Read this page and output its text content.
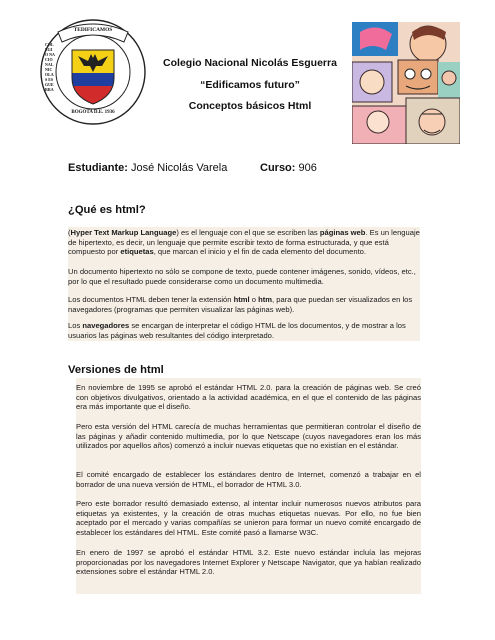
TEDIFICAMOS
COLEGIO NACIONAL NICOLAS ESGUERRA
BOGOTA D.E. 1936
Colegio Nacional Nicolás Esguerra
“Edificamos futuro”
Conceptos básicos Html
Estudiante: José Nicolás Varela	Curso: 906
¿Qué es html?
(Hyper Text Markup Language) es el lenguaje con el que se escriben las páginas web. Es un lenguaje de hipertexto, es decir, un lenguaje que permite escribir texto de forma estructurada, y que está compuesto por etiquetas, que marcan el inicio y el fin de cada elemento del documento.
Un documento hipertexto no sólo se compone de texto, puede contener imágenes, sonido, vídeos, etc., por lo que el resultado puede considerarse como un documento multimedia.
Los documentos HTML deben tener la extensión html o htm, para que puedan ser visualizados en los navegadores (programas que permiten visualizar las páginas web).
Los navegadores se encargan de interpretar el código HTML de los documentos, y de mostrar a los usuarios las páginas web resultantes del código interpretado.
Versiones de html
En noviembre de 1995 se aprobó el estándar HTML 2.0. para la creación de páginas web. Se creó con objetivos divulgativos, orientado a la actividad académica, en el que el contenido de las páginas era más importante que el diseño.
Pero esta versión del HTML carecía de muchas herramientas que permitieran controlar el diseño de las páginas y añadir contenido multimedia, por lo que Netscape (cuyos navegadores eran los más utilizados por aquellos años) comenzó a incluir nuevas etiquetas que no existían en el estándar.
El comité encargado de establecer los estándares dentro de Internet, comenzó a trabajar en el borrador de una nueva versión de HTML, el borrador de HTML 3.0.
Pero este borrador resultó demasiado extenso, al intentar incluir numerosos nuevos atributos para etiquetas ya existentes, y la creación de otras muchas etiquetas nuevas. Por ello, no fue bien aceptado por el mercado y varias compañías se unieron para formar un nuevo comité encargado de establecer los estándares del HTML. Este comité pasó a llamarse W3C.
En enero de 1997 se aprobó el estándar HTML 3.2. Este nuevo estándar incluía las mejoras proporcionadas por los navegadores Internet Explorer y Netscape Navigator, que ya habían realizado extensiones sobre el estándar HTML 2.0.
